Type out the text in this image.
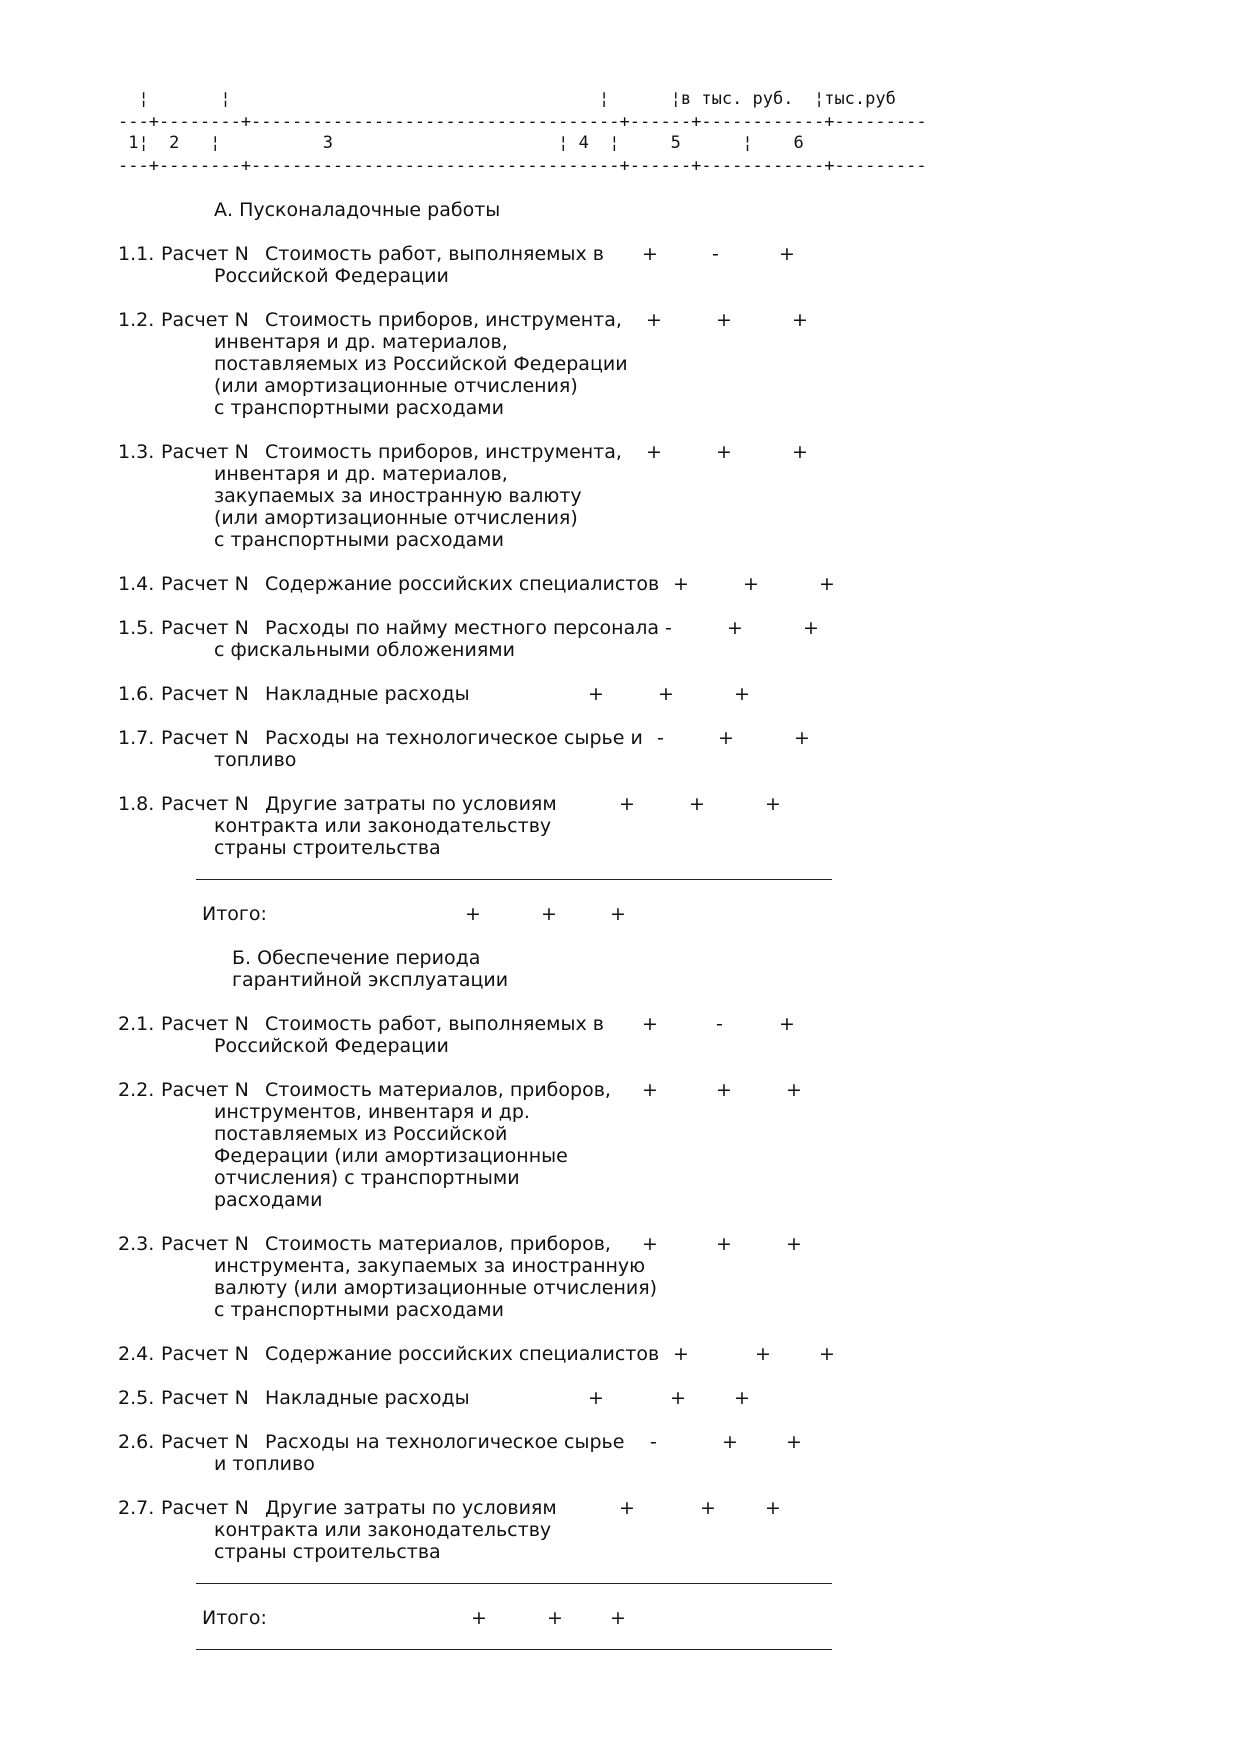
¦       ¦                                    ¦      ¦в тыс. руб.  ¦тыс.руб
---+--------+------------------------------------+------+------------+---------
1¦  2   ¦          3                      ¦ 4  ¦     5      ¦    6
---+--------+------------------------------------+------+------------+---------
А. Пусконаладочные работы
1.1. Расчет N Стоимость работ, выполняемых в
Российской Федерации
+	-	+
1.2. Расчет N Стоимость приборов, инструмента,
инвентаря и др. материалов,
поставляемых из Российской Федерации
(или амортизационные отчисления)
с транспортными расходами
+	+	+
1.3. Расчет N Стоимость приборов, инструмента,
инвентаря и др. материалов,
закупаемых за иностранную валюту
(или амортизационные отчисления)
с транспортными расходами
+	+	+
1.4. Расчет N Содержание российских специалистов +	+	+
1.5. Расчет N Расходы по найму местного персонала
с фискальными обложениями
-	+	+
1.6. Расчет N Накладные расходы	+	+	+
1.7. Расчет N Расходы на технологическое сырье и
топливо
-	+	+
1.8. Расчет N Другие затраты по условиям
контракта или законодательству
страны строительства
+	+	+
Итого:	+	+	+
Б. Обеспечение периода
гарантийной эксплуатации
2.1. Расчет N Стоимость работ, выполняемых в
Российской Федерации
+	-	+
2.2. Расчет N Стоимость материалов, приборов,
инструментов, инвентаря и др.
поставляемых из Российской
Федерации (или амортизационные
отчисления) с транспортными
расходами
+	+	+
2.3. Расчет N Стоимость материалов, приборов,
инструмента, закупаемых за иностранную
валюту (или амортизационные отчисления)
с транспортными расходами
+	+	+
2.4. Расчет N Содержание российских специалистов +	+	+
2.5. Расчет N Накладные расходы	+	+	+
2.6. Расчет N Расходы на технологическое сырье
и топливо
-	+	+
2.7. Расчет N Другие затраты по условиям
контракта или законодательству
страны строительства
+	+	+
Итого:	+	+ +
